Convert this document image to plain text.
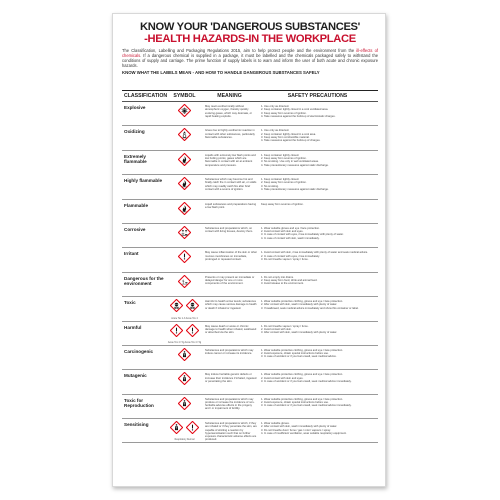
KNOW YOUR 'DANGEROUS SUBSTANCES'
-HEALTH HAZARDS-IN THE WORKPLACE
The Classification, Labelling and Packaging Regulations 2015, aim to help protect people and the environment from the ill-effects of chemicals. If a dangerous chemical is supplied in a package, it must be labelled and the chemicals packaged safely to withstand the conditions of supply and carriage. The prime function of supply labels is to warn and inform the user of both acute and chronic exposure hazards.
KNOW WHAT THE LABELS MEAN - AND HOW TO HANDLE DANGEROUS SUBSTANCES SAFELY
CLASSIFICATION	SYMBOL	MEANING	SAFETY PRECAUTIONS
Explosive	May react exothermically without atmospheric oxygen, thereby quickly evolving gases, which may detonate, or rapid heating explode.

1. Use only as directed.

2. Keep container tightly closed in a cool ventilated area.

3. Keep away from sources of ignition.

4. Take measures against the build-up of electrostatic charges.

Oxidizing	Gives rise to highly exothermic reaction in contact with other substances, particularly flammable substances.

1. Use only as directed.

2. Keep container tightly closed in a cool area.

3. Keep away from combustible material.

4. Take measures against the build-up of charges.

Extremely flammable
Liquids with extremely low flash points and low boiling points; gases which are flammable in contact with air at ambient temperature and pressure.

1. Keep container tightly closed.

2. Keep away from sources of ignition.

3. No smoking. Use only in well ventilated areas.

4. Take precautionary measures against static discharge.

Highly flammable	Substances which may become hot and finally catch fire in contact with air, or solids which may readily catch fire after brief contact with a source of ignition.

1. Keep container tightly closed.

2. Keep away from sources of ignition.

3. No smoking.

4. Take precautionary measures against static discharge.

Flammable	Liquid substances and preparations having a low flash point.

Keep away from sources of ignition.

Corrosive	Substances and preparations which, on contact with living tissues, destroy them.

1. Wear suitable gloves and eye / face protection.

2. Avoid contact with skin and eyes.

3. In case of contact with eyes, rinse immediately with plenty of water.

4. In case of contact with skin, wash immediately.

Irritant	May cause inflammation of the skin or other mucous membranes on immediate, prolonged or repeated contact.

1. Avoid contact with skin, rinse immediately with plenty of water and seek medical advice.

2. In case of contact with eyes, rinse immediately.

3. Do not breathe vapour / spray / fume.

Dangerous for the environment
Presents or may present an immediate or delayed danger for one or more components of the environment.

1. Do not empty into drains.

2. Keep away from food, drink and animal feed.

3. Avoid release to the environment.

Toxic
Acute Tox 1-3 Acute Tox 4
Harmful to health at low levels; substances which may cause serious damage to health or death if inhaled or ingested.

1. Wear suitable protective clothing, gloves and eye / face protection.

2. After contact with skin, wash immediately with plenty of water.

3. If swallowed, seek medical advice immediately and show this container or label.

Harmful
Acute Tox 4 / 5g Acute Tox 4 / 5g
May cause death or acute or chronic damage to health when inhaled, swallowed or absorbed via the skin.

1. Do not breathe vapour / spray / fume.

2. Avoid contact with skin.

3. After contact with skin, wash immediately with plenty of water.

Carcinogenic	Substances and preparations which may induce cancer or increase its incidence.

1. Wear suitable protective clothing, gloves and eye / face protection.

2. Avoid exposure, obtain special instructions before use.

3. In case of accident or if you feel unwell, seek medical advice.

Mutagenic	May induce heritable genetic defects or increase their incidence if inhaled, ingested or penetrating the skin.

1. Wear suitable protective clothing, gloves and eye / face protection.

2. Avoid contact with skin and eyes.

3. In case of accident or if you feel unwell, seek medical advice immediately.

Toxic for Reproduction
Substances and preparations which may produce or increase the incidence of non-heritable adverse effects in the progeny and / or impairment of fertility.

1. Wear suitable protective clothing, gloves and eye / face protection.

2. Avoid exposure, obtain special instructions before use.

3. In case of accident or if you feel unwell, seek medical advice immediately.

Sensitising
Respiratory Dermal
Substances and preparations which, if they are inhaled or if they penetrate the skin, are capable of eliciting a reaction by hypersensitisation such that on further exposure characteristic adverse effects are produced.

1. Wear suitable gloves.

2. After contact with skin, wash immediately with plenty of water.

3. Do not breathe dust / fume / gas / mist / vapours / spray.

4. In case of insufficient ventilation, wear suitable respiratory equipment.
